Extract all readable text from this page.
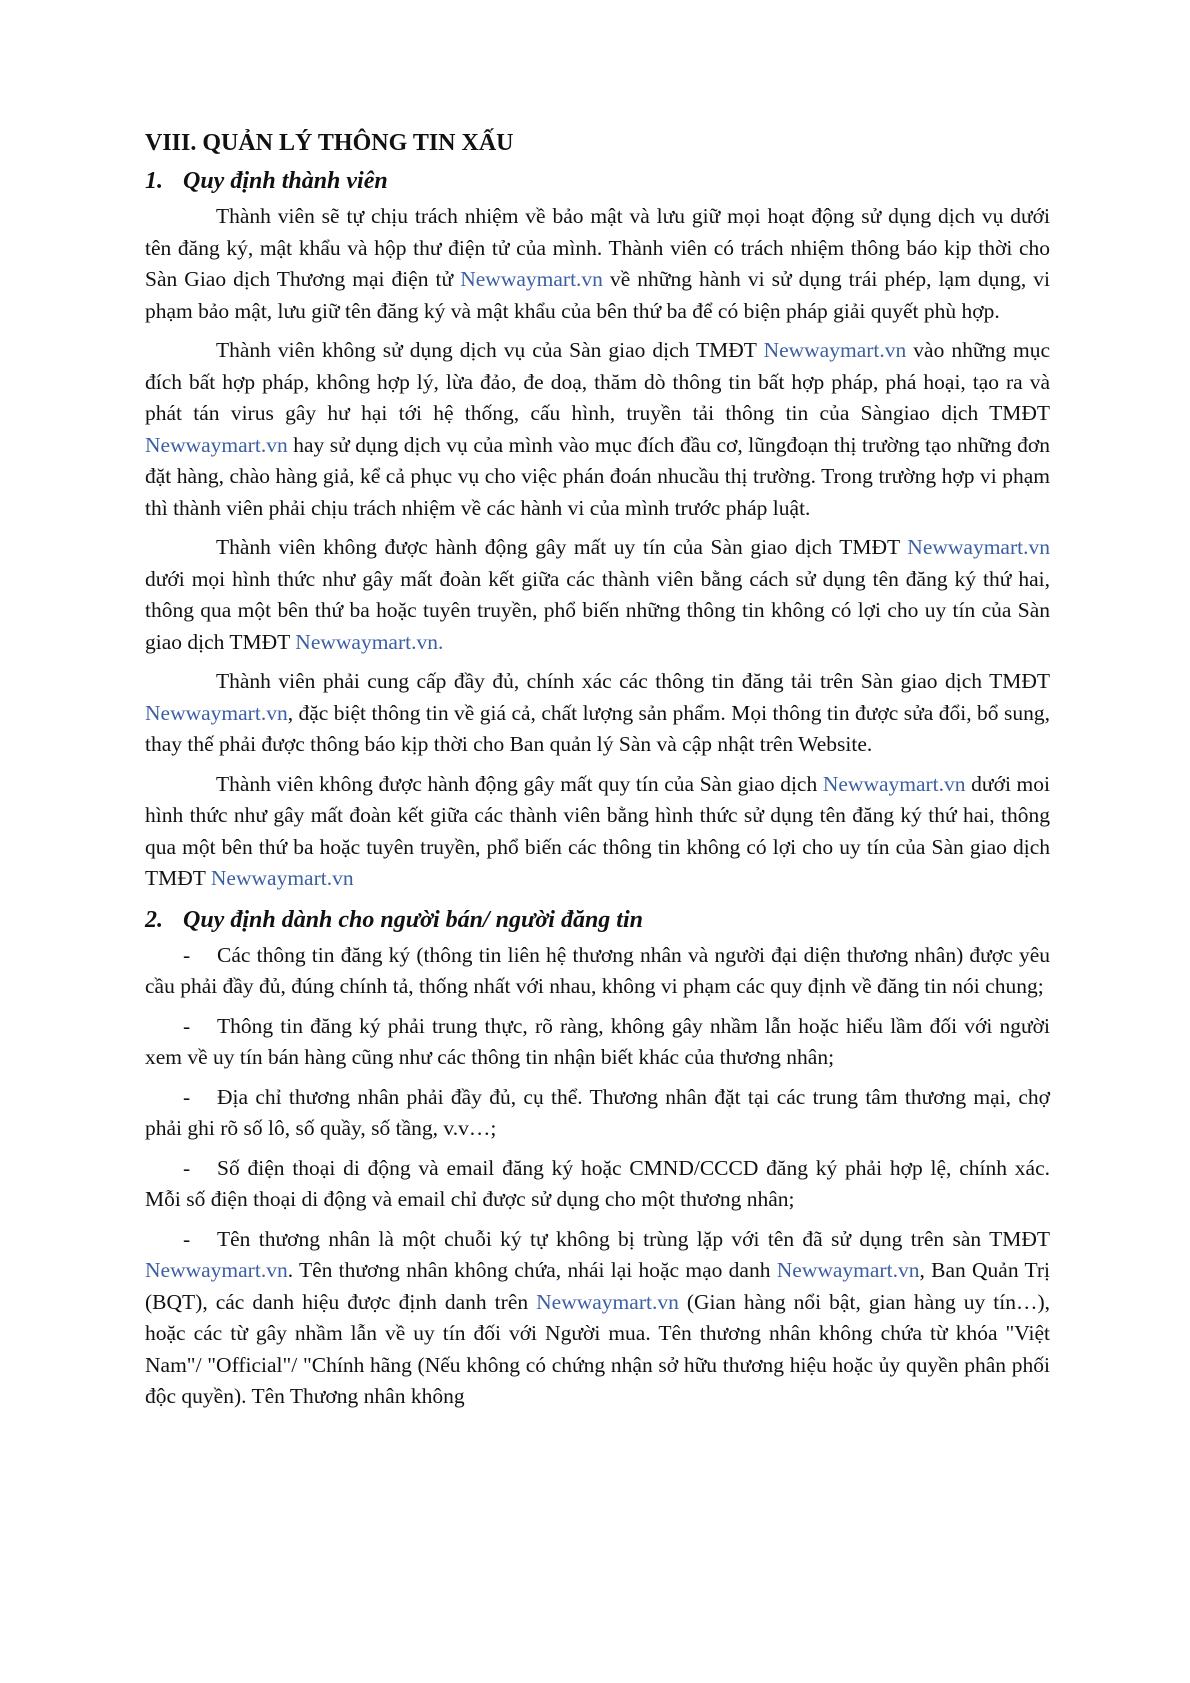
VIII. QUẢN LÝ THÔNG TIN XẤU
1. Quy định thành viên

Thành viên sẽ tự chịu trách nhiệm về bảo mật và lưu giữ mọi hoạt động sử dụng dịch vụ dưới tên đăng ký, mật khẩu và hộp thư điện tử của mình. Thành viên có trách nhiệm thông báo kịp thời cho Sàn Giao dịch Thương mại điện tử Newwaymart.vn về những hành vi sử dụng trái phép, lạm dụng, vi phạm bảo mật, lưu giữ tên đăng ký và mật khẩu của bên thứ ba để có biện pháp giải quyết phù hợp.

Thành viên không sử dụng dịch vụ của Sàn giao dịch TMĐT Newwaymart.vn vào những mục đích bất hợp pháp, không hợp lý, lừa đảo, đe doạ, thăm dò thông tin bất hợp pháp, phá hoại, tạo ra và phát tán virus gây hư hại tới hệ thống, cấu hình, truyền tải thông tin của Sàngiao dịch TMĐT Newwaymart.vn hay sử dụng dịch vụ của mình vào mục đích đầu cơ, lũngđoạn thị trường tạo những đơn đặt hàng, chào hàng giả, kể cả phục vụ cho việc phán đoán nhucầu thị trường. Trong trường hợp vi phạm thì thành viên phải chịu trách nhiệm về các hành vi của mình trước pháp luật.

Thành viên không được hành động gây mất uy tín của Sàn giao dịch TMĐT Newwaymart.vn dưới mọi hình thức như gây mất đoàn kết giữa các thành viên bằng cách sử dụng tên đăng ký thứ hai, thông qua một bên thứ ba hoặc tuyên truyền, phổ biến những thông tin không có lợi cho uy tín của Sàn giao dịch TMĐT Newwaymart.vn.

Thành viên phải cung cấp đầy đủ, chính xác các thông tin đăng tải trên Sàn giao dịch TMĐT Newwaymart.vn, đặc biệt thông tin về giá cả, chất lượng sản phẩm. Mọi thông tin được sửa đổi, bổ sung, thay thế phải được thông báo kịp thời cho Ban quản lý Sàn và cập nhật trên Website.

Thành viên không được hành động gây mất quy tín của Sàn giao dịch Newwaymart.vn dưới moi hình thức như gây mất đoàn kết giữa các thành viên bằng hình thức sử dụng tên đăng ký thứ hai, thông qua một bên thứ ba hoặc tuyên truyền, phổ biến các thông tin không có lợi cho uy tín của Sàn giao dịch TMĐT Newwaymart.vn

2. Quy định dành cho người bán/ người đăng tin
- Các thông tin đăng ký (thông tin liên hệ thương nhân và người đại diện thương nhân) được yêu cầu phải đầy đủ, đúng chính tả, thống nhất với nhau, không vi phạm các quy định về đăng tin nói chung;
- Thông tin đăng ký phải trung thực, rõ ràng, không gây nhầm lẫn hoặc hiểu lầm đối với người xem về uy tín bán hàng cũng như các thông tin nhận biết khác của thương nhân;
- Địa chỉ thương nhân phải đầy đủ, cụ thể. Thương nhân đặt tại các trung tâm thương mại, chợ phải ghi rõ số lô, số quầy, số tầng, v.v…;
- Số điện thoại di động và email đăng ký hoặc CMND/CCCD đăng ký phải hợp lệ, chính xác. Mỗi số điện thoại di động và email chỉ được sử dụng cho một thương nhân;
- Tên thương nhân là một chuỗi ký tự không bị trùng lặp với tên đã sử dụng trên sàn TMĐT Newwaymart.vn. Tên thương nhân không chứa, nhái lại hoặc mạo danh Newwaymart.vn, Ban Quản Trị (BQT), các danh hiệu được định danh trên Newwaymart.vn (Gian hàng nổi bật, gian hàng uy tín…), hoặc các từ gây nhầm lẫn về uy tín đối với Người mua. Tên thương nhân không chứa từ khóa "Việt Nam"/ "Official"/ "Chính hãng (Nếu không có chứng nhận sở hữu thương hiệu hoặc ủy quyền phân phối độc quyền). Tên Thương nhân không
